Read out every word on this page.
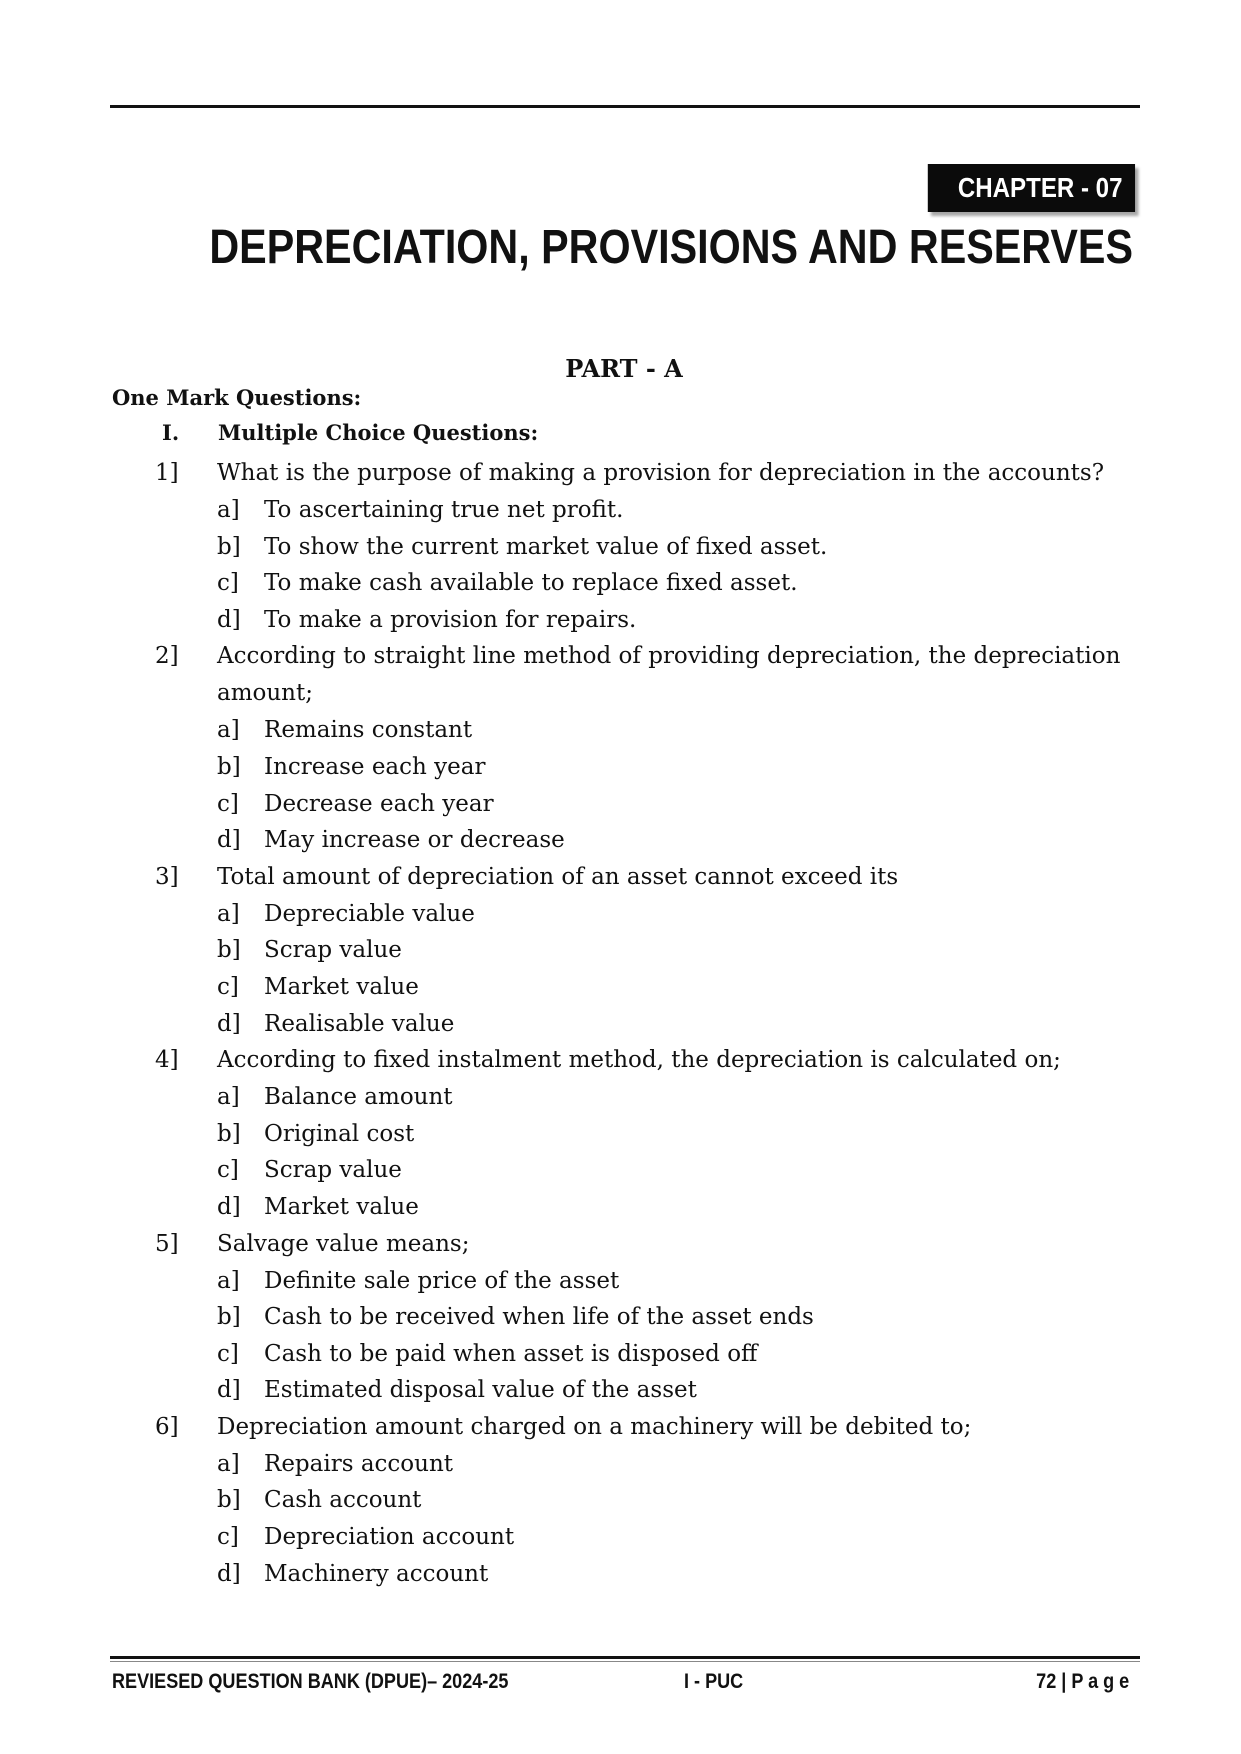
CHAPTER - 07
DEPRECIATION, PROVISIONS AND RESERVES
PART - A
One Mark Questions:
I. Multiple Choice Questions:
1] What is the purpose of making a provision for depreciation in the accounts?
a] To ascertaining true net profit.
b] To show the current market value of fixed asset.
c] To make cash available to replace fixed asset.
d] To make a provision for repairs.
2] According to straight line method of providing depreciation, the depreciation amount;
a] Remains constant
b] Increase each year
c] Decrease each year
d] May increase or decrease
3] Total amount of depreciation of an asset cannot exceed its
a] Depreciable value
b] Scrap value
c] Market value
d] Realisable value
4] According to fixed instalment method, the depreciation is calculated on;
a] Balance amount
b] Original cost
c] Scrap value
d] Market value
5] Salvage value means;
a] Definite sale price of the asset
b] Cash to be received when life of the asset ends
c] Cash to be paid when asset is disposed off
d] Estimated disposal value of the asset
6] Depreciation amount charged on a machinery will be debited to;
a] Repairs account
b] Cash account
c] Depreciation account
d] Machinery account
REVIESED QUESTION BANK (DPUE)– 2024-25	I - PUC	72 | P a g e
